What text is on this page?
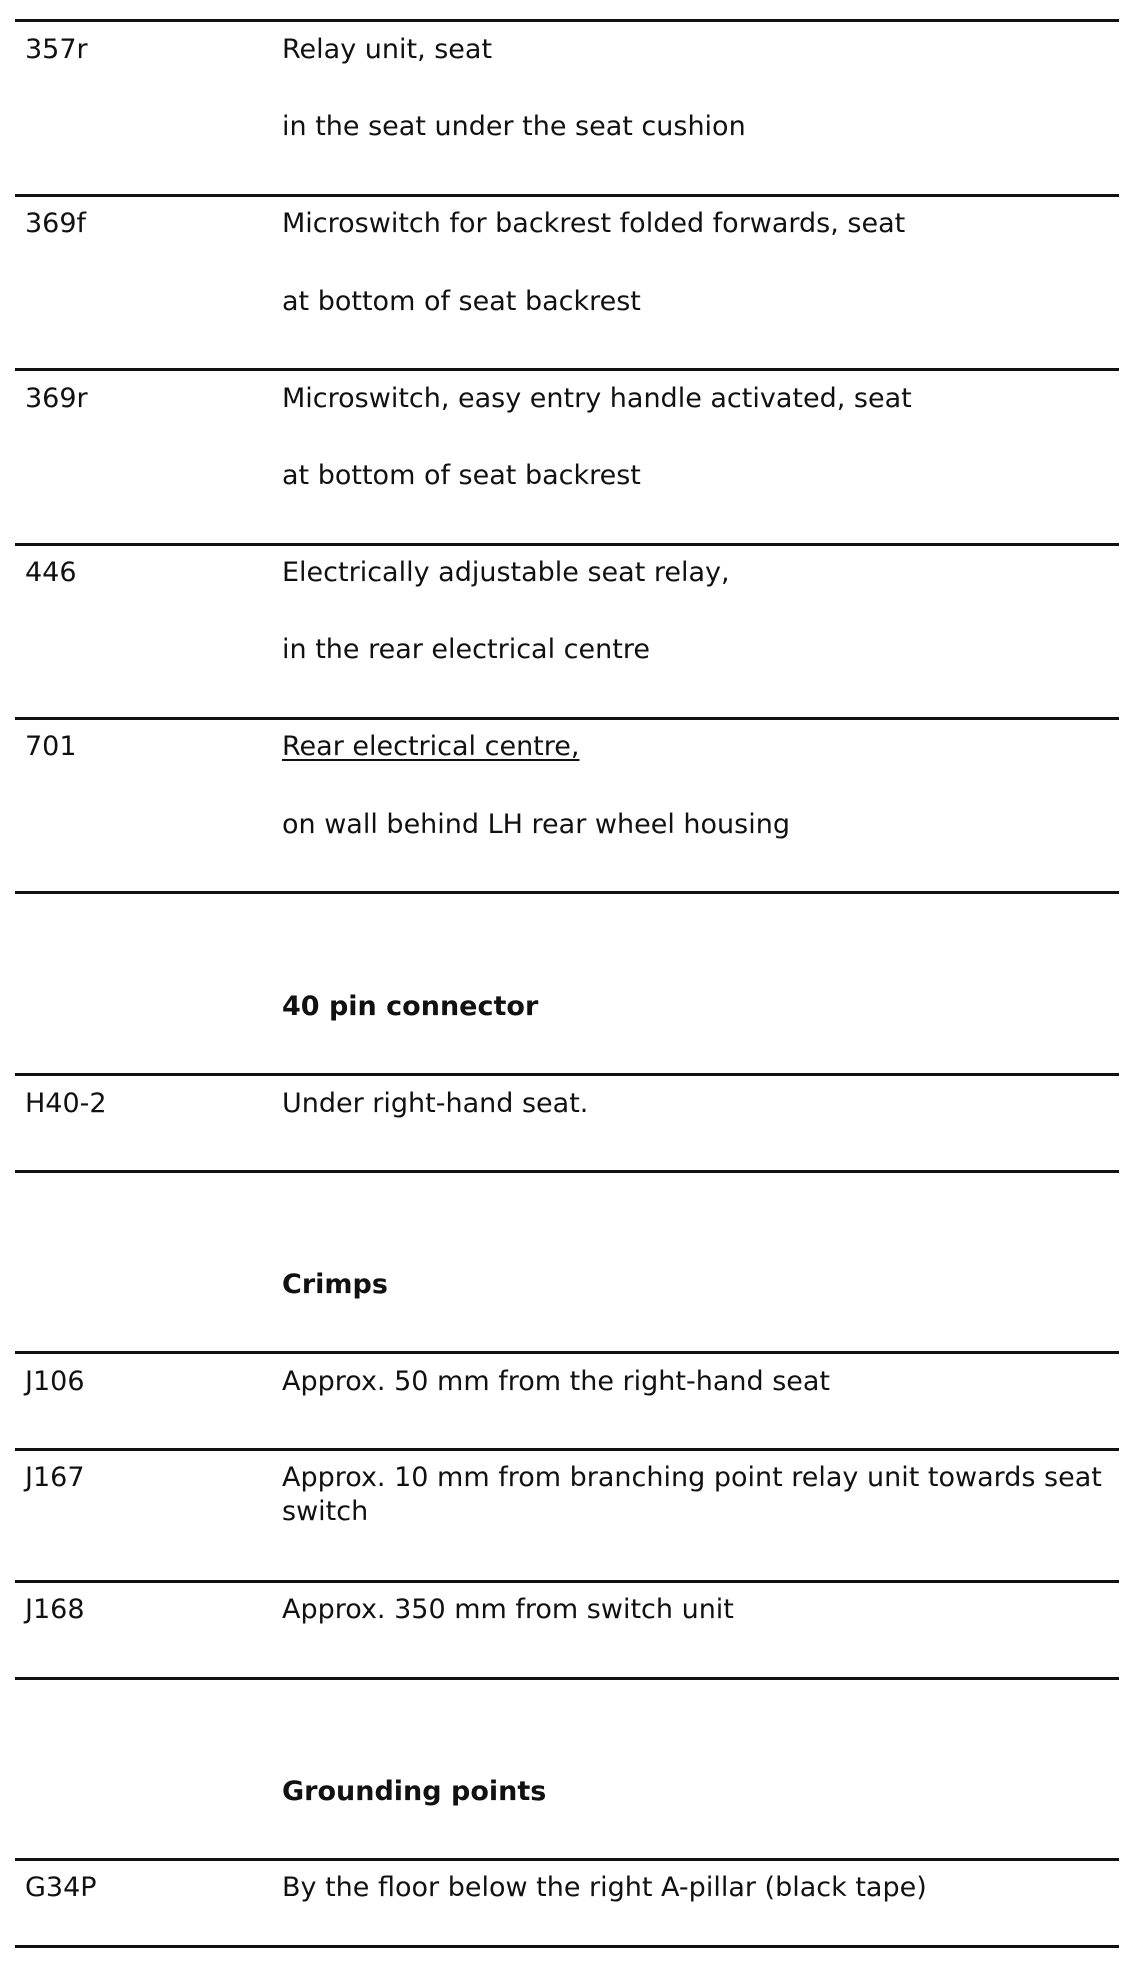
357r	Relay unit, seat
in the seat under the seat cushion
369f	Microswitch for backrest folded forwards, seat
at bottom of seat backrest
369r	Microswitch, easy entry handle activated, seat
at bottom of seat backrest
446	Electrically adjustable seat relay,
in the rear electrical centre
701	Rear electrical centre,
on wall behind LH rear wheel housing
40 pin connector
H40-2	Under right-hand seat.
Crimps
J106	Approx. 50 mm from the right-hand seat
J167	Approx. 10 mm from branching point relay unit towards seat switch
J168	Approx. 350 mm from switch unit
Grounding points
G34P	By the floor below the right A-pillar (black tape)
